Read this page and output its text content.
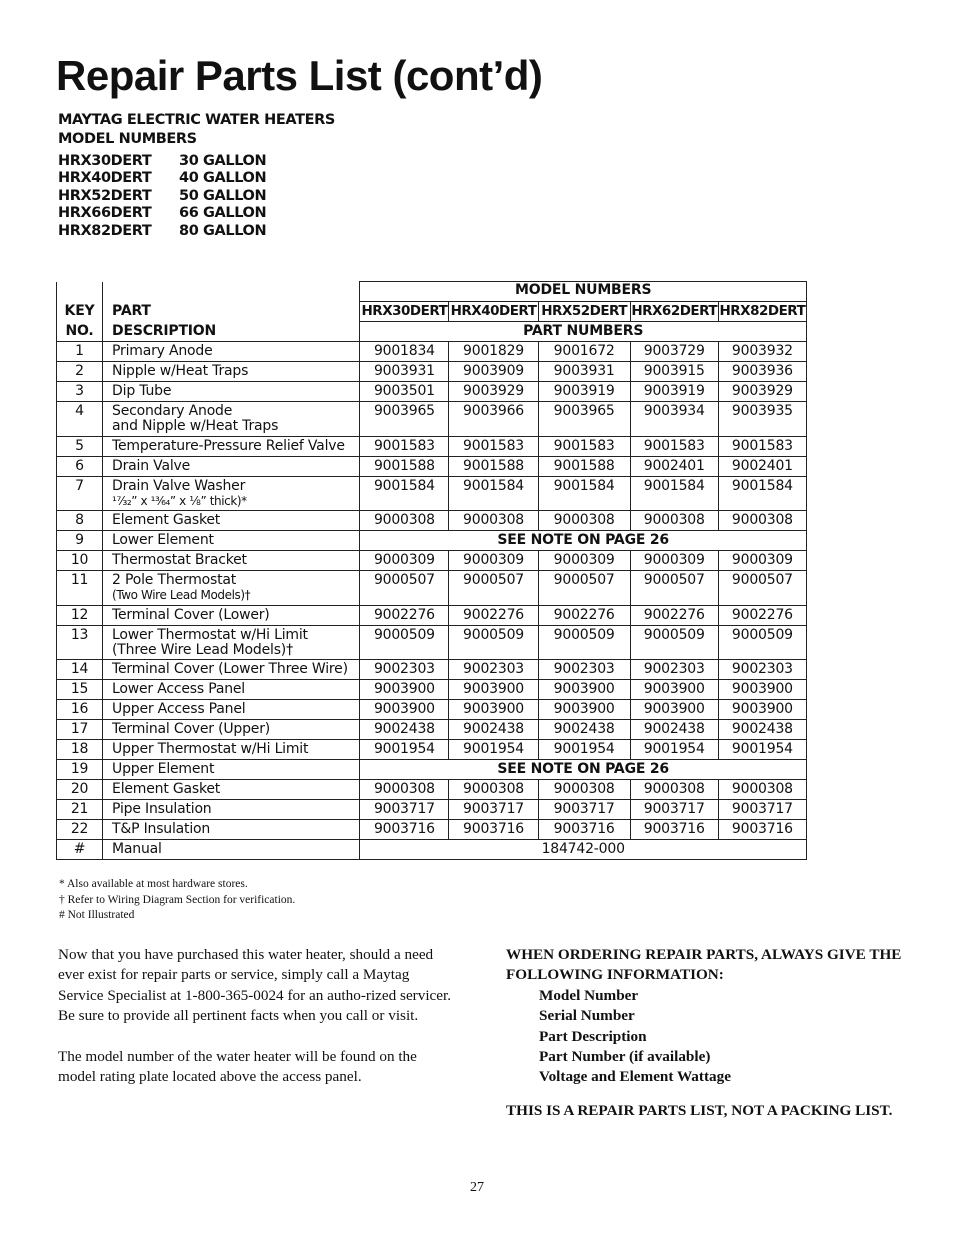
Repair Parts List (cont’d)
MAYTAG ELECTRIC WATER HEATERS
MODEL NUMBERS
HRX30DERT	30 GALLON
HRX40DERT	40 GALLON
HRX52DERT	50 GALLON
HRX66DERT	66 GALLON
HRX82DERT	80 GALLON
		MODEL NUMBERS				
KEY	PART	HRX30DERT	HRX40DERT	HRX52DERT	HRX62DERT	HRX82DERT
NO.	DESCRIPTION	PART NUMBERS				
1	Primary Anode	9001834	9001829	9001672	9003729	9003932
2	Nipple w/Heat Traps	9003931	9003909	9003931	9003915	9003936
3	Dip Tube	9003501	9003929	9003919	9003919	9003929
4	Secondary Anode
and Nipple w/Heat Traps	9003965	9003966	9003965	9003934	9003935
5	Temperature-Pressure Relief Valve	9001583	9001583	9001583	9001583	9001583
6	Drain Valve	9001588	9001588	9001588	9002401	9002401
7	Drain Valve Washer
¹⁷⁄₃₂” x ¹³⁄₆₄” x ⅛” thick)*	9001584	9001584	9001584	9001584	9001584
8	Element Gasket	9000308	9000308	9000308	9000308	9000308
9	Lower Element	SEE NOTE ON PAGE 26				
10	Thermostat Bracket	9000309	9000309	9000309	9000309	9000309
11	2 Pole Thermostat
(Two Wire Lead Models)†	9000507	9000507	9000507	9000507	9000507
12	Terminal Cover (Lower)	9002276	9002276	9002276	9002276	9002276
13	Lower Thermostat w/Hi Limit
(Three Wire Lead Models)†	9000509	9000509	9000509	9000509	9000509
14	Terminal Cover (Lower Three Wire)	9002303	9002303	9002303	9002303	9002303
15	Lower Access Panel	9003900	9003900	9003900	9003900	9003900
16	Upper Access Panel	9003900	9003900	9003900	9003900	9003900
17	Terminal Cover (Upper)	9002438	9002438	9002438	9002438	9002438
18	Upper Thermostat w/Hi Limit	9001954	9001954	9001954	9001954	9001954
19	Upper Element	SEE NOTE ON PAGE 26				
20	Element Gasket	9000308	9000308	9000308	9000308	9000308
21	Pipe Insulation	9003717	9003717	9003717	9003717	9003717
22	T&P Insulation	9003716	9003716	9003716	9003716	9003716
#	Manual	184742-000				
* Also available at most hardware stores.
† Refer to Wiring Diagram Section for verification.
# Not Illustrated

Now that you have purchased this water heater, should a need ever exist for repair parts or service, simply call a Maytag Service Specialist at 1-800-365-0024 for an autho-rized servicer. Be sure to provide all pertinent facts when you call or visit.

The model number of the water heater will be found on the model rating plate located above the access panel.

WHEN ORDERING REPAIR PARTS, ALWAYS GIVE THE FOLLOWING INFORMATION:
Model Number
Serial Number
Part Description
Part Number (if available)
Voltage and Element Wattage
THIS IS A REPAIR PARTS LIST, NOT A PACKING LIST.
27
